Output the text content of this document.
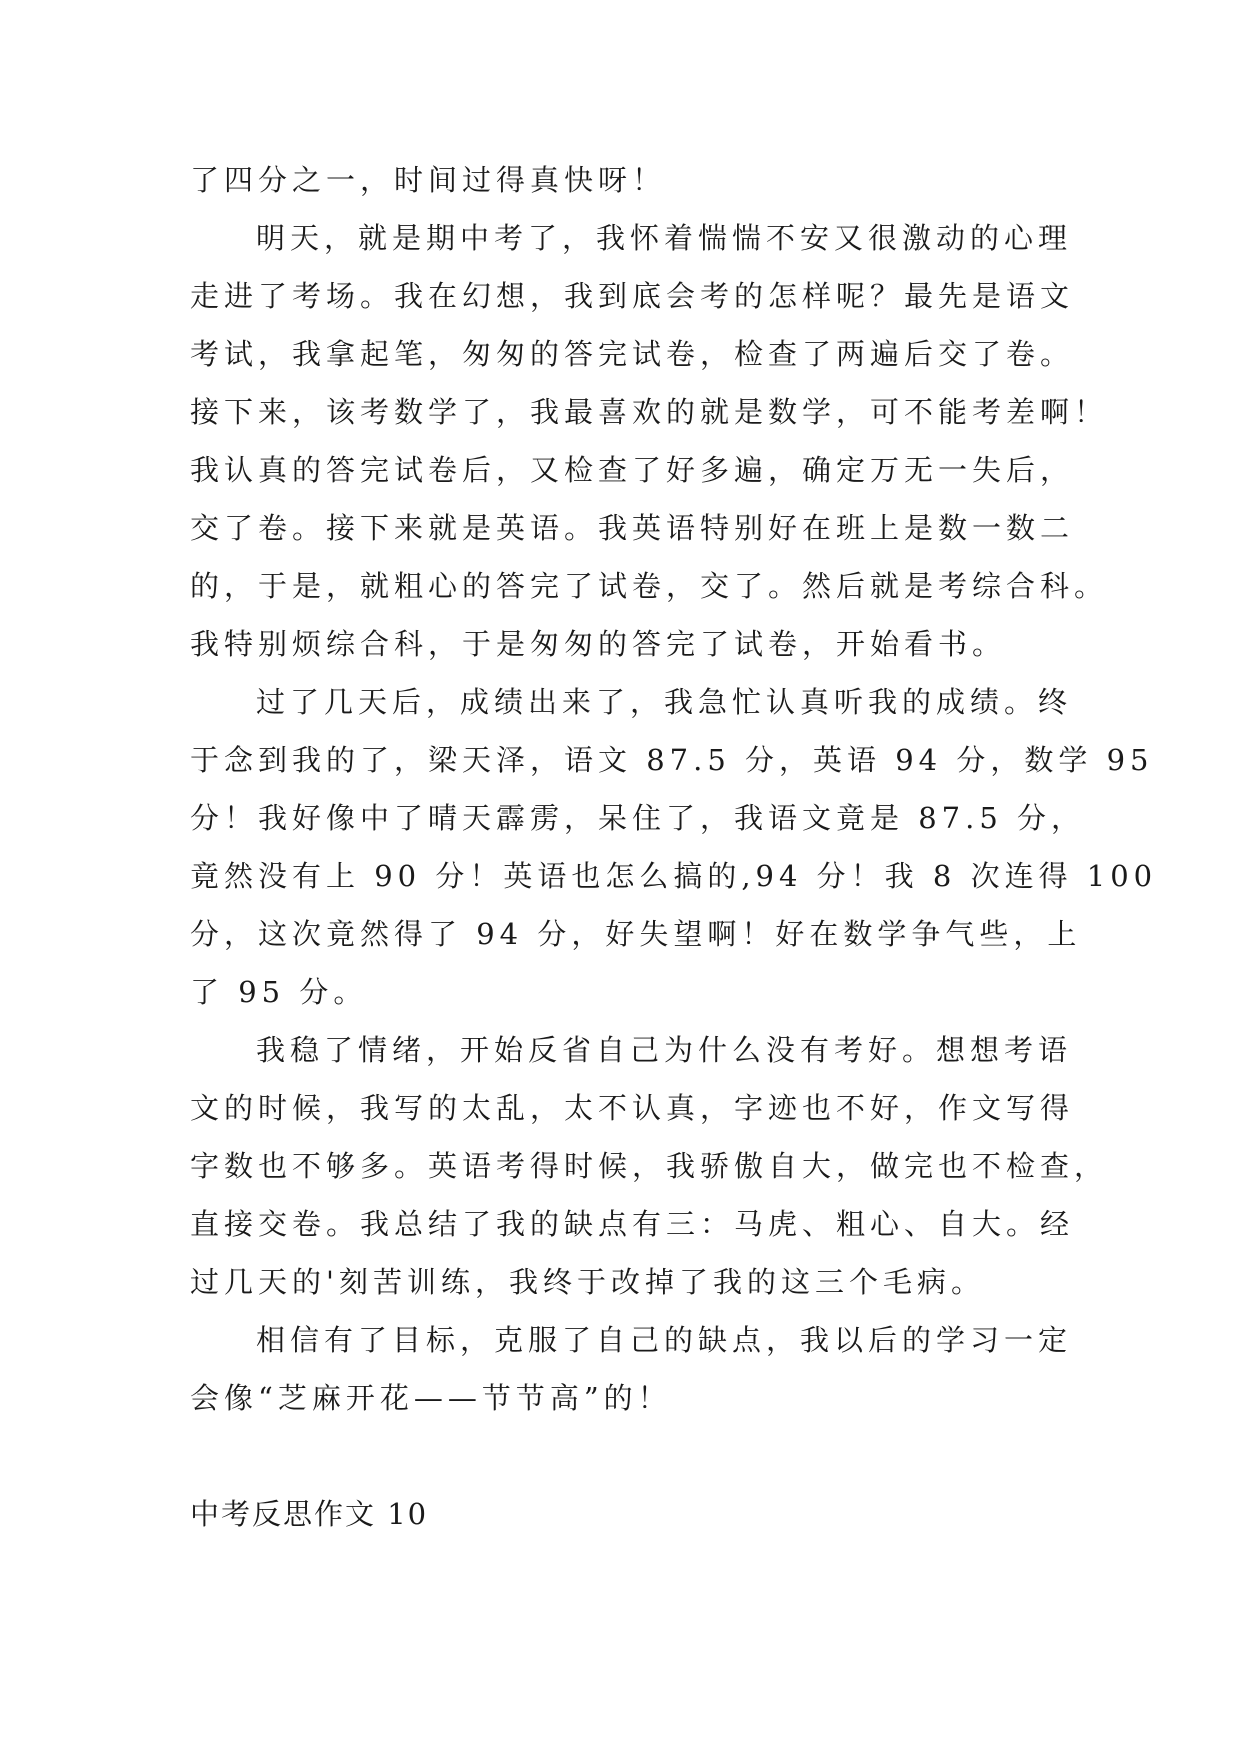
了四分之一，时间过得真快呀！
明天，就是期中考了，我怀着惴惴不安又很激动的心理
走进了考场。我在幻想，我到底会考的怎样呢？最先是语文
考试，我拿起笔，匆匆的答完试卷，检查了两遍后交了卷。
接下来，该考数学了，我最喜欢的就是数学，可不能考差啊！
我认真的答完试卷后，又检查了好多遍，确定万无一失后，
交了卷。接下来就是英语。我英语特别好在班上是数一数二
的，于是，就粗心的答完了试卷，交了。然后就是考综合科。
我特别烦综合科，于是匆匆的答完了试卷，开始看书。
过了几天后，成绩出来了，我急忙认真听我的成绩。终
于念到我的了，梁天泽，语文 87.5 分，英语 94 分，数学 95
分！我好像中了晴天霹雳，呆住了，我语文竟是 87.5 分，
竟然没有上 90 分！英语也怎么搞的,94 分！我 8 次连得 100
分，这次竟然得了 94 分，好失望啊！好在数学争气些，上
了 95 分。
我稳了情绪，开始反省自己为什么没有考好。想想考语
文的时候，我写的太乱，太不认真，字迹也不好，作文写得
字数也不够多。英语考得时候，我骄傲自大，做完也不检查，
直接交卷。我总结了我的缺点有三：马虎、粗心、自大。经
过几天的'刻苦训练，我终于改掉了我的这三个毛病。
相信有了目标，克服了自己的缺点，我以后的学习一定
会像“芝麻开花——节节高”的！
中考反思作文 10
